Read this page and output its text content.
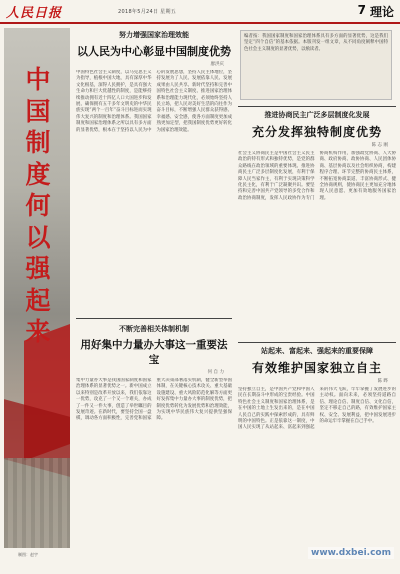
人民日报	2018年5月24日 星期五	7 理论
中
国
制
度
何
以
强
起
来
制图：赵宇
努力增强国家治理效能
以人民为中心彰显中国制度优势
廖洪庆
中国特色社会主义制度，以马克思主义为指导，植根中国大地，具有深厚中华文化根基，深得人民拥护，是具有强大生命力和巨大优越性的制度，是能够持续推动拥有近十四亿人口大国进步和发展、确保拥有五千多年文明史的中华民族实现“两个一百年”奋斗目标进而实现伟大复兴的制度和治理体系。我国国家制度和国家治理体系之所以具有多方面的显著优势，根本在于坚持以人民为中心的发展思想，坚持人民主体地位，坚持发展为了人民、发展依靠人民、发展成果由人民共享。新时代坚持和完善中国特色社会主义制度、推进国家治理体系和治理能力现代化，必须始终坚持人民立场，把人民对美好生活的向往作为奋斗目标，不断增强人民群众获得感、幸福感、安全感，使各方面制度更加成熟更加定型，把我国制度优势更好转化为国家治理效能。
编者按：我国国家制度和国家治理体系具有多方面的显著优势，这是我们坚定“四个自信”的基本依据。本版刊发一组文章，从不同角度阐释中国特色社会主义制度的显著优势，以飨读者。
推进协商民主广泛多层制度化发展
充分发挥独特制度优势
陈 志 刚
社会主义协商民主是中国社会主义民主政治的特有形式和独特优势，是党的群众路线在政治领域的重要体现。推进协商民主广泛多层制度化发展，有利于保障人民当家作主，有利于实现决策科学化民主化，有利于广泛凝聚共识。要坚持和完善中国共产党领导的多党合作和政治协商制度，发挥人民政协作为专门协商机构作用，加强政党协商、人大协商、政府协商、政协协商、人民团体协商、基层协商以及社会组织协商，构建程序合理、环节完整的协商民主体系，不断拓宽协商渠道、丰富协商形式、健全协商规则，使协商民主更加充分地体现人民意愿、更加有效地服务国家治理。
不断完善相关体制机制
用好集中力量办大事这一重要法宝
何 自 力
集中力量办大事是我国国家制度和国家治理体系的显著优势之一。新中国成立以来特别是改革开放以来，我们依靠这一优势，攻克了一个又一个难关，办成了一件又一件大事，创造了举世瞩目的发展奇迹。在新时代，要坚持全国一盘棋，调动各方面积极性，完善党和国家重大决策部署落实机制，健全新型举国体制，在关键核心技术攻关、重大基础设施建设、重大风险防范化解等方面更好发挥集中力量办大事的制度优势，把制度优势转化为发展优势和治理效能，为实现中华民族伟大复兴提供坚强保障。
站起来、富起来、强起来的重要保障
有效维护国家独立自主
陈 晔
坚持独立自主，是中国共产党和中国人民在长期奋斗中形成的宝贵经验。中国特色社会主义制度和国家治理体系，是在中国的土地上生发出来的，是在中国人民自己的实践中探索形成的，具有鲜明的中国特色。正是依靠这一制度，中国人民实现了从站起来、富起来到强起来的伟大飞跃，牢牢掌握了发展进步的主动权。面向未来，必须坚持道路自信、理论自信、制度自信、文化自信，坚定不移走自己的路，有效维护国家主权、安全、发展利益，把中国发展进步的命运牢牢掌握在自己手中。
www.dxbei.com
